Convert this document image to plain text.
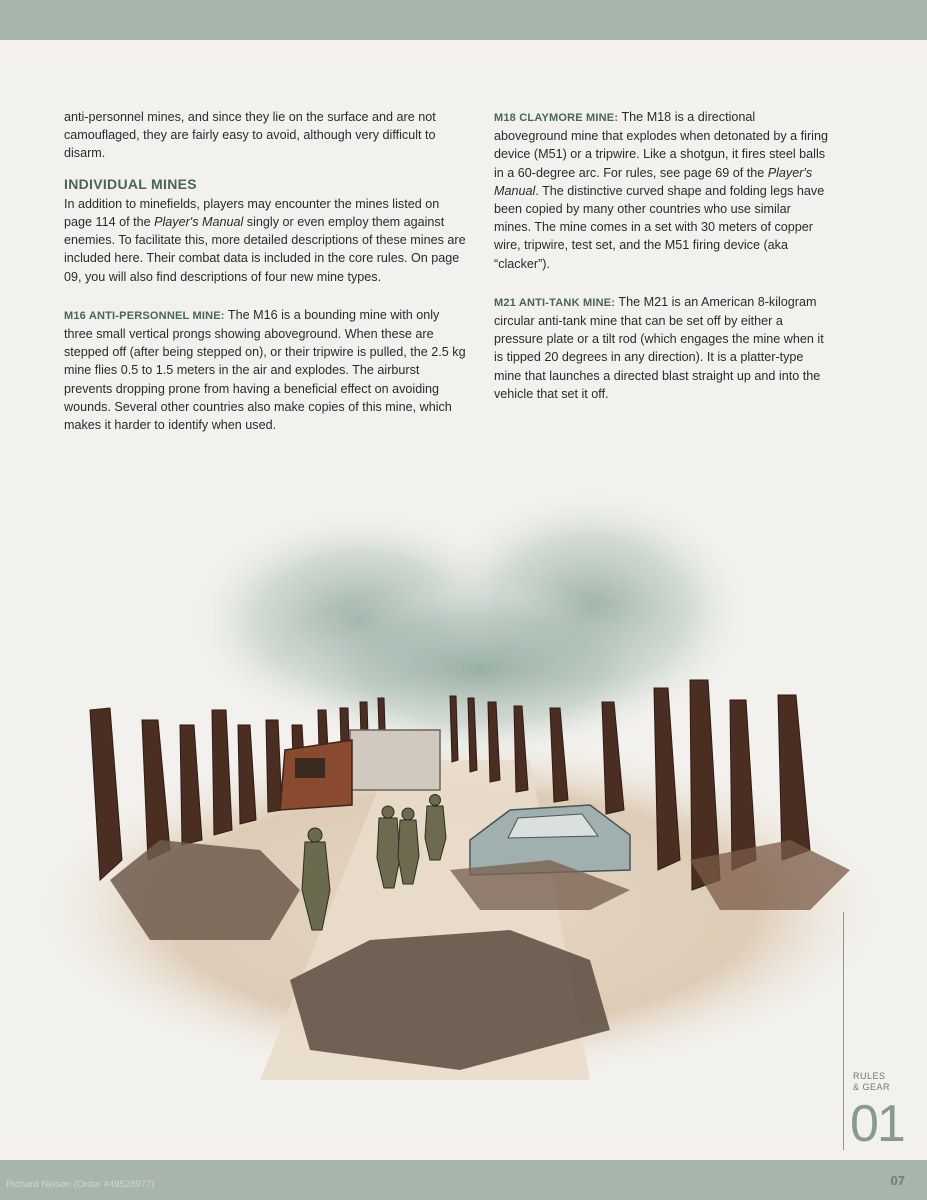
anti-personnel mines, and since they lie on the surface and are not camouflaged, they are fairly easy to avoid, although very difficult to disarm.

INDIVIDUAL MINES

In addition to minefields, players may encounter the mines listed on page 114 of the Player's Manual singly or even employ them against enemies. To facilitate this, more detailed descriptions of these mines are included here. Their combat data is included in the core rules. On page 09, you will also find descriptions of four new mine types.

M16 ANTI-PERSONNEL MINE: The M16 is a bounding mine with only three small vertical prongs showing aboveground. When these are stepped off (after being stepped on), or their tripwire is pulled, the 2.5 kg mine flies 0.5 to 1.5 meters in the air and explodes. The airburst prevents dropping prone from having a beneficial effect on avoiding wounds. Several other countries also make copies of this mine, which makes it harder to identify when used.

M18 CLAYMORE MINE: The M18 is a directional aboveground mine that explodes when detonated by a firing device (M51) or a tripwire. Like a shotgun, it fires steel balls in a 60-degree arc. For rules, see page 69 of the Player's Manual. The distinctive curved shape and folding legs have been copied by many other countries who use similar mines. The mine comes in a set with 30 meters of copper wire, tripwire, test set, and the M51 firing device (aka “clacker”).

M21 ANTI-TANK MINE: The M21 is an American 8-kilogram circular anti-tank mine that can be set off by either a pressure plate or a tilt rod (which engages the mine when it is tipped 20 degrees in any direction). It is a platter-type mine that launches a directed blast straight up and into the vehicle that set it off.

RULES
& GEAR
01
Richard Nelson (Order #49528977)	07
